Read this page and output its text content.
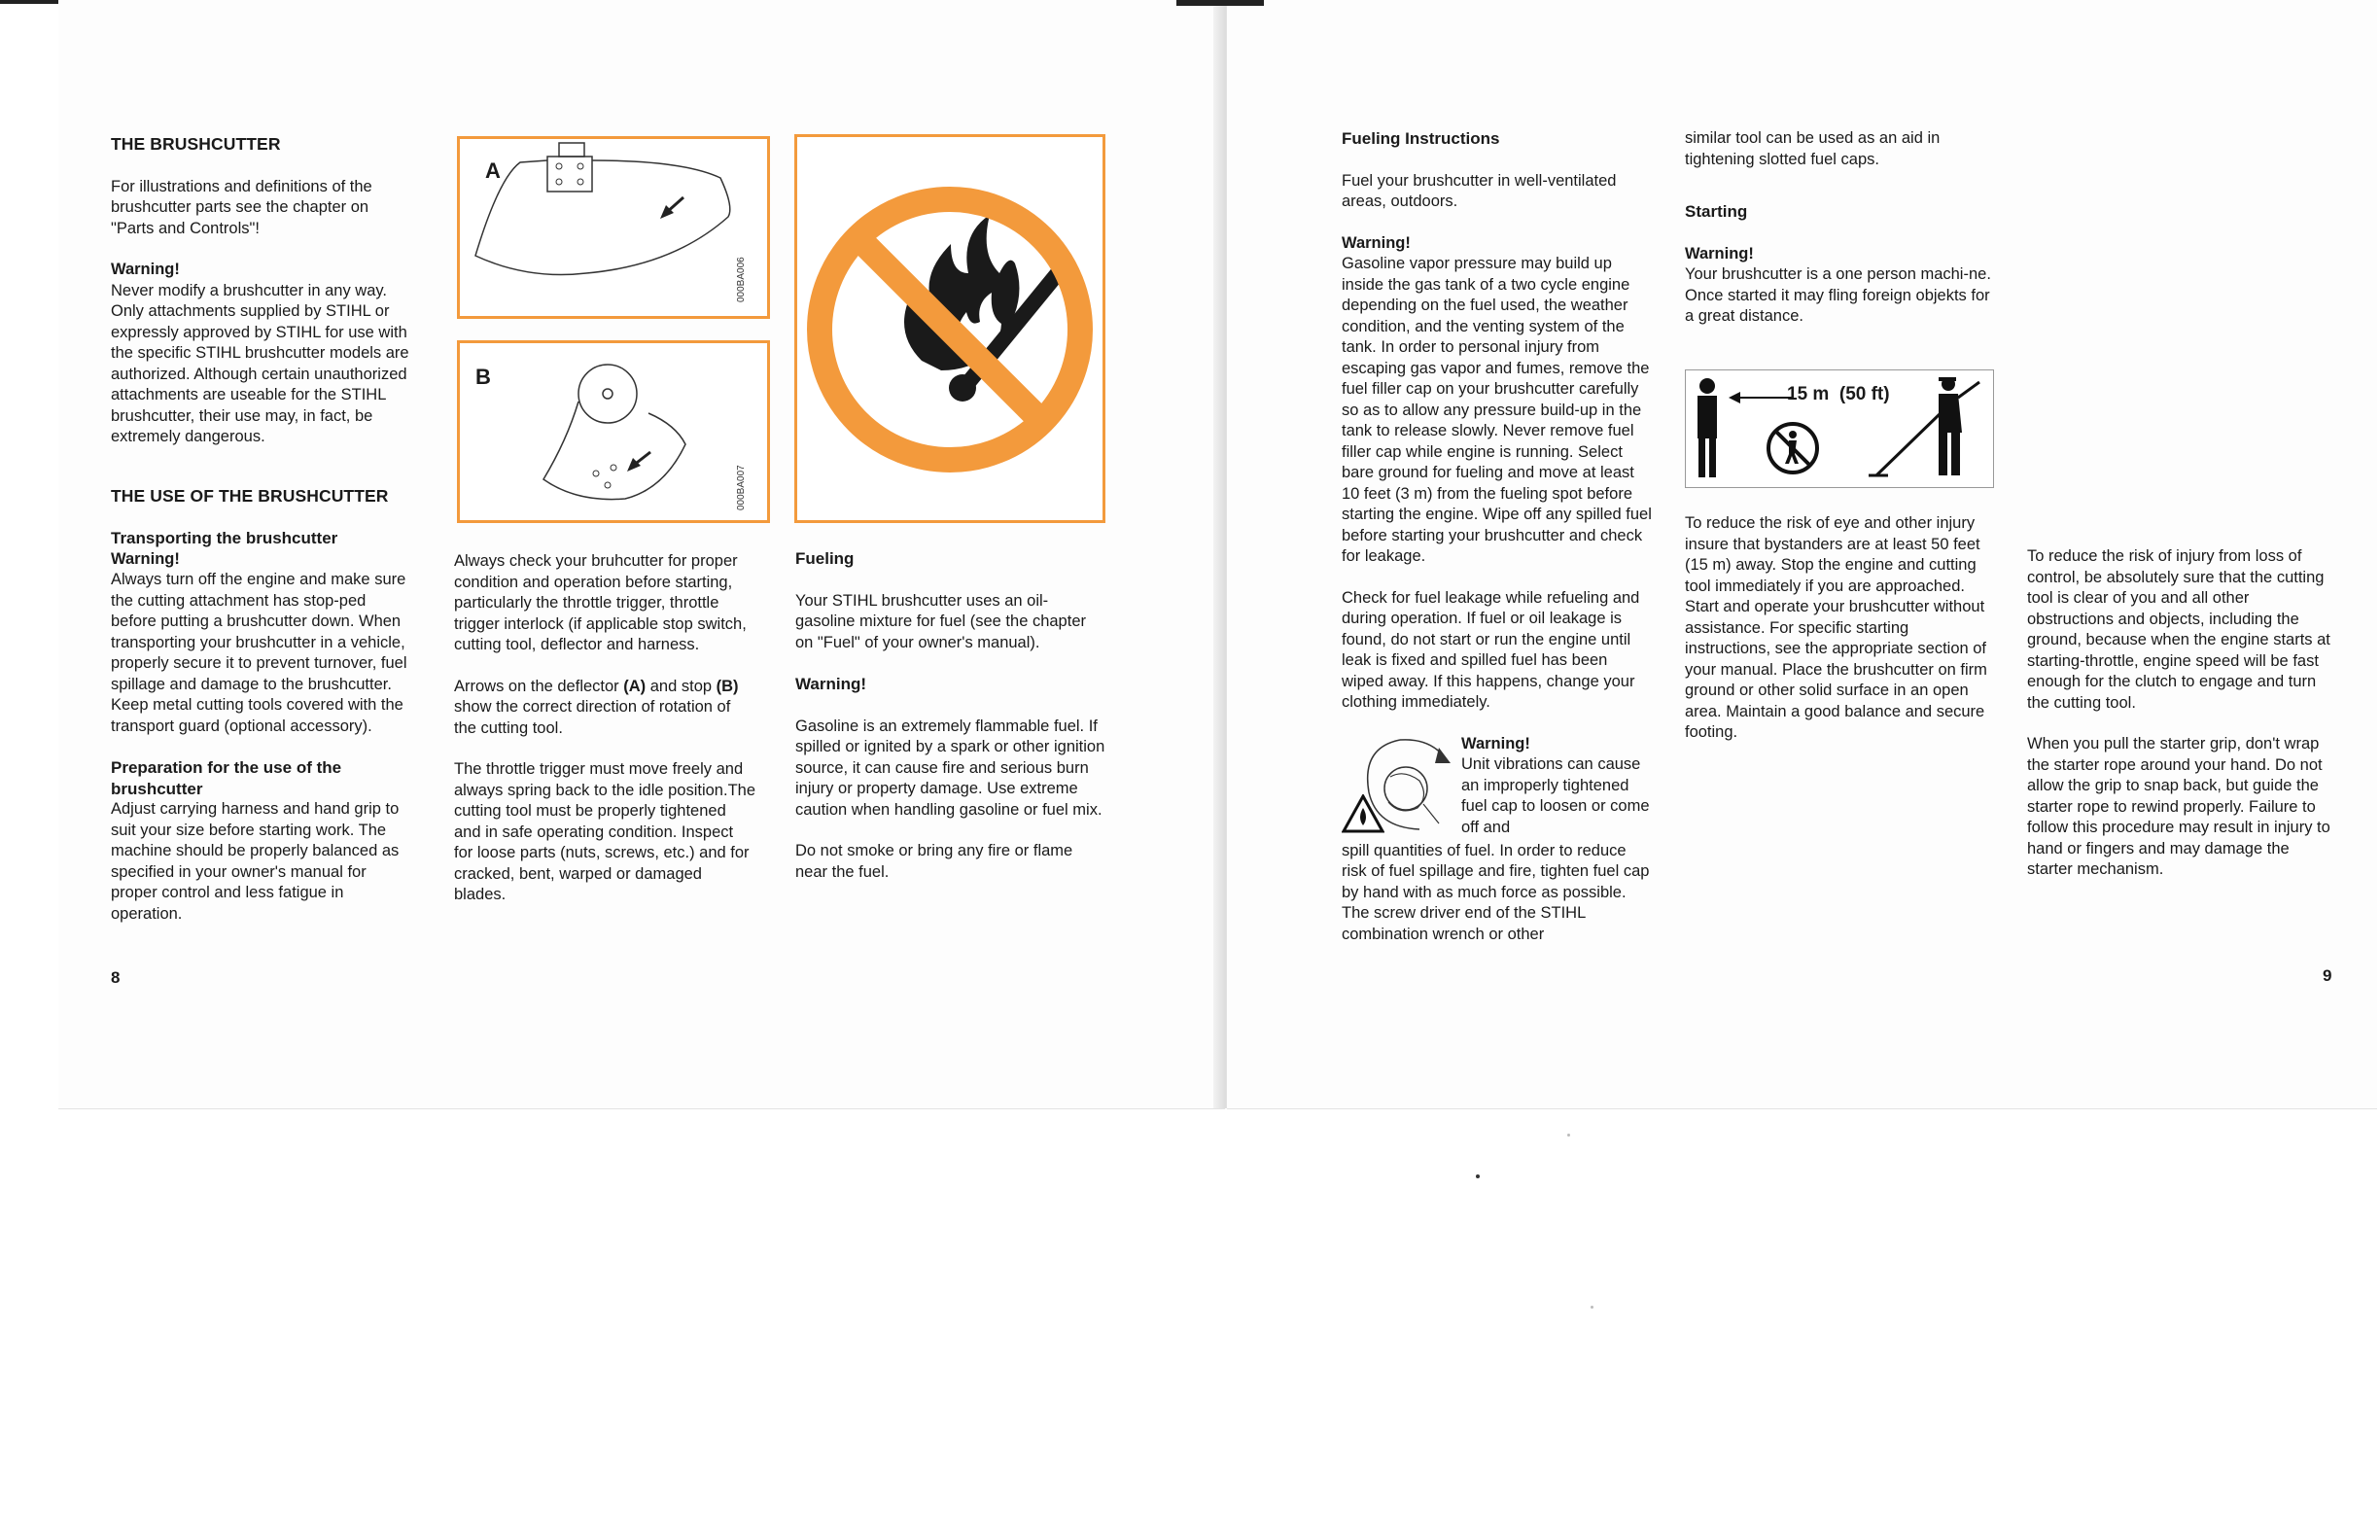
THE BRUSHCUTTER

For illustrations and definitions of the brushcutter parts see the chapter on "Parts and Controls"!

Warning!
Never modify a brushcutter in any way. Only attachments supplied by STIHL or expressly approved by STIHL for use with the specific STIHL brushcutter models are authorized. Although certain unauthorized attachments are useable for the STIHL brushcutter, their use may, in fact, be extremely dangerous.

THE USE OF THE BRUSHCUTTER

Transporting the brushcutter
Warning!
Always turn off the engine and make sure the cutting attachment has stop-ped before putting a brushcutter down. When transporting your brushcutter in a vehicle, properly secure it to prevent turnover, fuel spillage and damage to the brushcutter. Keep metal cutting tools covered with the transport guard (optional accessory).

Preparation for the use of the brushcutter
Adjust carrying harness and hand grip to suit your size before starting work. The machine should be properly balanced as specified in your owner's manual for proper control and less fatigue in operation.

A
000BA006
B
000BA007

Always check your bruhcutter for proper condition and operation before starting, particularly the throttle trigger, throttle trigger interlock (if applicable stop switch, cutting tool, deflector and harness.

Arrows on the deflector (A) and stop (B) show the correct direction of rotation of the cutting tool.

The throttle trigger must move freely and always spring back to the idle position.The cutting tool must be properly tightened and in safe operating condition. Inspect for loose parts (nuts, screws, etc.) and for cracked, bent, warped or damaged blades.

Fueling

Your STIHL brushcutter uses an oil-gasoline mixture for fuel (see the chapter on "Fuel" of your owner's manual).

Warning!

Gasoline is an extremely flammable fuel. If spilled or ignited by a spark or other ignition source, it can cause fire and serious burn injury or property damage. Use extreme caution when handling gasoline or fuel mix.

Do not smoke or bring any fire or flame near the fuel.

8
Fueling Instructions

Fuel your brushcutter in well-ventilated areas, outdoors.

Warning!
Gasoline vapor pressure may build up inside the gas tank of a two cycle engine depending on the fuel used, the weather condition, and the venting system of the tank. In order to personal injury from escaping gas vapor and fumes, remove the fuel filler cap on your brushcutter carefully so as to allow any pressure build-up in the tank to release slowly. Never remove fuel filler cap while engine is running. Select bare ground for fueling and move at least 10 feet (3 m) from the fueling spot before starting the engine. Wipe off any spilled fuel before starting your brushcutter and check for leakage.

Check for fuel leakage while refueling and during operation. If fuel or oil leakage is found, do not start or run the engine until leak is fixed and spilled fuel has been wiped away. If this happens, change your clothing immediately.

Warning!
Unit vibrations can cause an improperly tightened fuel cap to loosen or come off and

spill quantities of fuel. In order to reduce risk of fuel spillage and fire, tighten fuel cap by hand with as much force as possible. The screw driver end of the STIHL combination wrench or other

similar tool can be used as an aid in tightening slotted fuel caps.

Starting

Warning!
Your brushcutter is a one person machi-ne. Once started it may fling foreign objekts for a great distance.

15 m  (50 ft)

To reduce the risk of eye and other injury insure that bystanders are at least 50 feet (15 m) away. Stop the engine and cutting tool immediately if you are approached. Start and operate your brushcutter without assistance. For specific starting instructions, see the appropriate section of your manual. Place the brushcutter on firm ground or other solid surface in an open area. Maintain a good balance and secure footing.

To reduce the risk of injury from loss of control, be absolutely sure that the cutting tool is clear of you and all other obstructions and objects, including the ground, because when the engine starts at starting-throttle, engine speed will be fast enough for the clutch to engage and turn the cutting tool.

When you pull the starter grip, don't wrap the starter rope around your hand. Do not allow the grip to snap back, but guide the starter rope to rewind properly. Failure to follow this procedure may result in injury to hand or fingers and may damage the starter mechanism.

9
